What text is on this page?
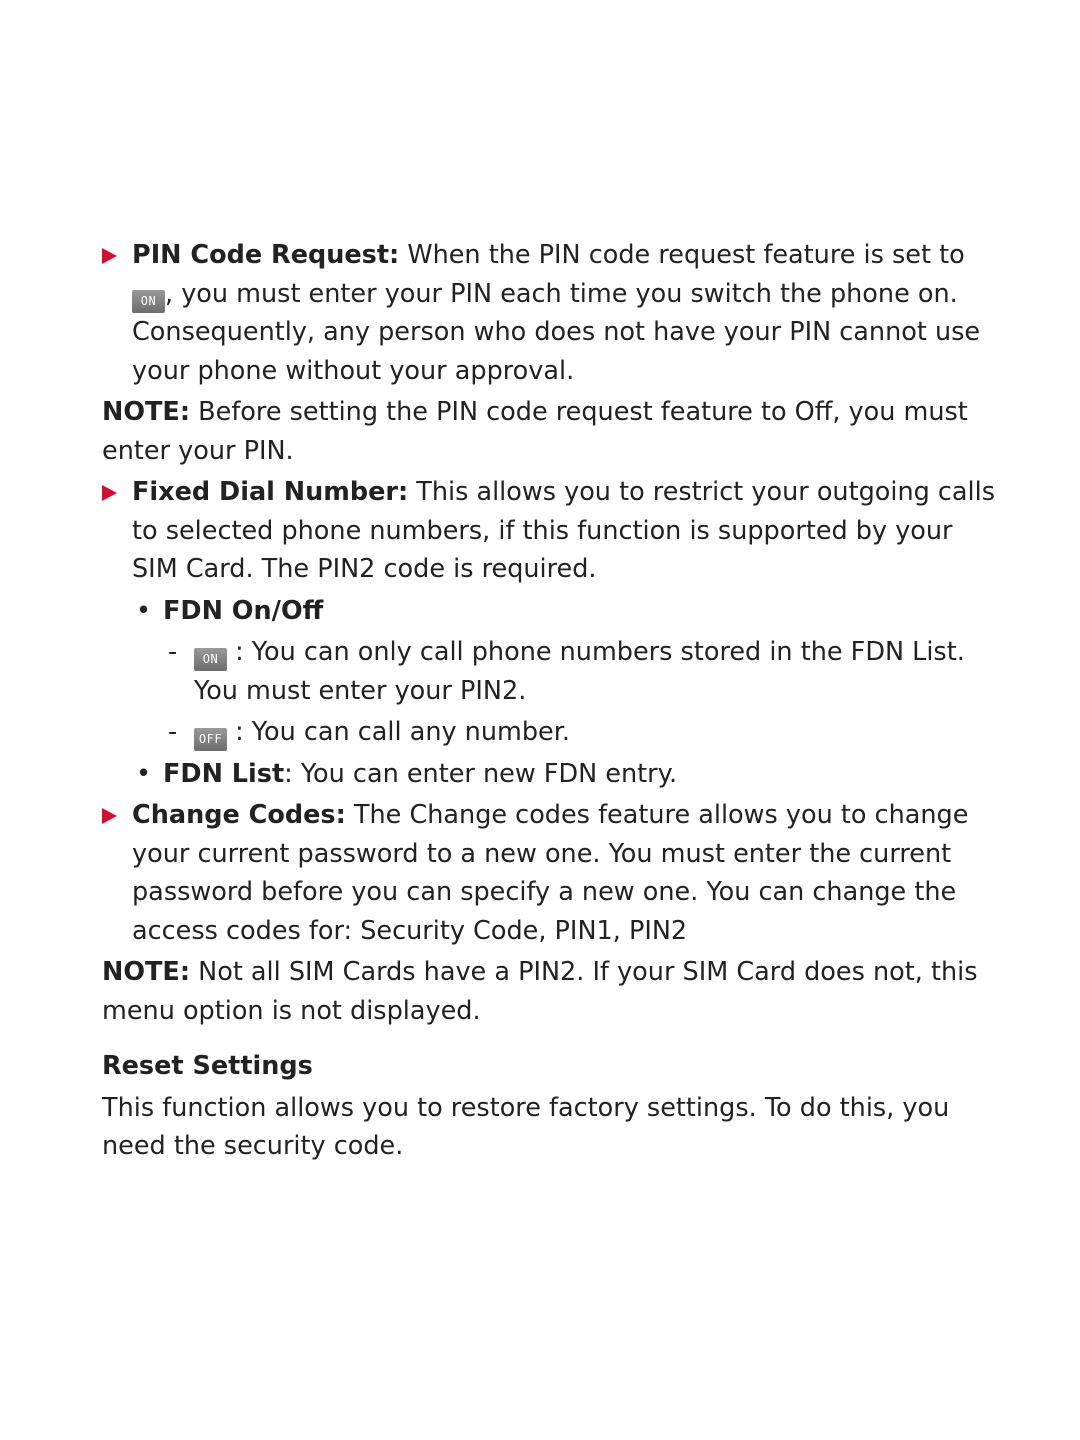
PIN Code Request: When the PIN code request feature is set to
ON , you must enter your PIN each time you switch the phone on. Consequently, any person who does not have your PIN cannot use your phone without your approval.
NOTE: Before setting the PIN code request feature to Off, you must enter your PIN.
Fixed Dial Number: This allows you to restrict your outgoing calls to selected phone numbers, if this function is supported by your SIM Card. The PIN2 code is required.
• FDN On/Off
- ON : You can only call phone numbers stored in the FDN List. You must enter your PIN2.
- OFF : You can call any number.
• FDN List: You can enter new FDN entry.
Change Codes: The Change codes feature allows you to change your current password to a new one. You must enter the current password before you can specify a new one. You can change the access codes for: Security Code, PIN1, PIN2
NOTE: Not all SIM Cards have a PIN2. If your SIM Card does not, this menu option is not displayed.
Reset Settings
This function allows you to restore factory settings. To do this, you need the security code.
